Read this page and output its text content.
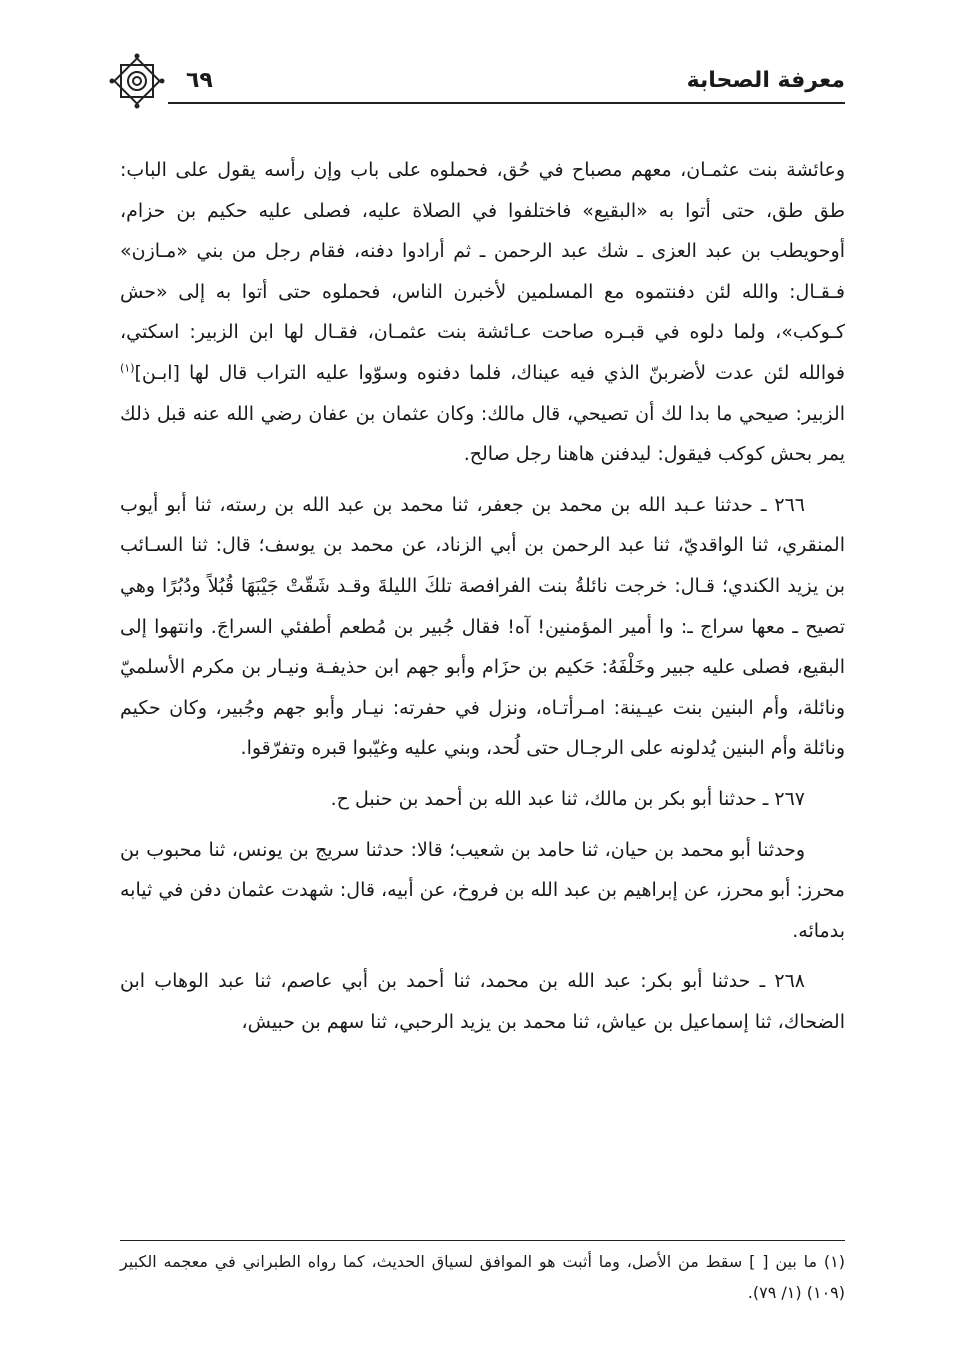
معرفة الصحابة
٦٩

وعائشة بنت عثمـان، معهم مصباح في حُق، فحملوه على باب وإن رأسه يقول على الباب: طق طق، حتى أتوا به «البقيع» فاختلفوا في الصلاة عليه، فصلى عليه حكيم بن حزام، أوحويطب بن عبد العزى ـ شك عبد الرحمن ـ ثم أرادوا دفنه، فقام رجل من بني «مـازن» فـقـال: والله لئن دفنتموه مع المسلمين لأخبرن الناس، فحملوه حتى أتوا به إلى «حش كـوكب»، ولما دلوه في قبـره صاحت عـائشة بنت عثمـان، فقـال لها ابن الزبير: اسكتي، فوالله لئن عدت لأضربنّ الذي فيه عيناك، فلما دفنوه وسوّوا عليه التراب قال لها [ابـن]$^{(١)}$ الزبير: صيحي ما بدا لك أن تصيحي، قال مالك: وكان عثمان بن عفان رضي الله عنه قبل ذلك يمر بحش كوكب فيقول: ليدفنن هاهنا رجل صالح.

٢٦٦ ـ حدثنا عـبد الله بن محمد بن جعفر، ثنا محمد بن عبد الله بن رسته، ثنا أبو أيوب المنقري، ثنا الواقديّ، ثنا عبد الرحمن بن أبي الزناد، عن محمد بن يوسف؛ قال: ثنا السـائب بن يزيد الكندي؛ قـال: خرجت نائلةُ بنت الفرافصة تلكَ الليلةَ وقـد شَقّتْ جَيْبَهَا قُبُلاً ودُبُرًا وهي تصيح ـ معها سراج ـ: وا أمير المؤمنين! آه! فقال جُبير بن مُطعم أطفئي السراجَ. وانتهوا إلى البقيع، فصلى عليه جبير وخَلْفَهُ: حَكيم بن حزَام وأبو جهم ابن حذيفـة ونيـار بن مكرم الأسلميّ ونائلة، وأم البنين بنت عيـينة: امـرأتـاه، ونزل في حفرته: نيـار وأبو جهم وجُبير، وكان حكيم ونائلة وأم البنين يُدلونه على الرجـال حتى لُحد، وبني عليه وغيّبوا قبره وتفرّقوا.

٢٦٧ ـ حدثنا أبو بكر بن مالك، ثنا عبد الله بن أحمد بن حنبل ح.

وحدثنا أبو محمد بن حيان، ثنا حامد بن شعيب؛ قالا: حدثنا سريج بن يونس، ثنا محبوب بن محرز: أبو محرز، عن إبراهيم بن عبد الله بن فروخ، عن أبيه، قال: شهدت عثمان دفن في ثيابه بدمائه.

٢٦٨ ـ حدثنا أبو بكر: عبد الله بن محمد، ثنا أحمد بن أبي عاصم، ثنا عبد الوهاب ابن الضحاك، ثنا إسماعيل بن عياش، ثنا محمد بن يزيد الرحبي، ثنا سهم بن حبيش،

(١) ما بين [ ] سقط من الأصل، وما أثبت هو الموافق لسياق الحديث، كما رواه الطبراني في معجمه الكبير (١٠٩) (١/ ٧٩).
